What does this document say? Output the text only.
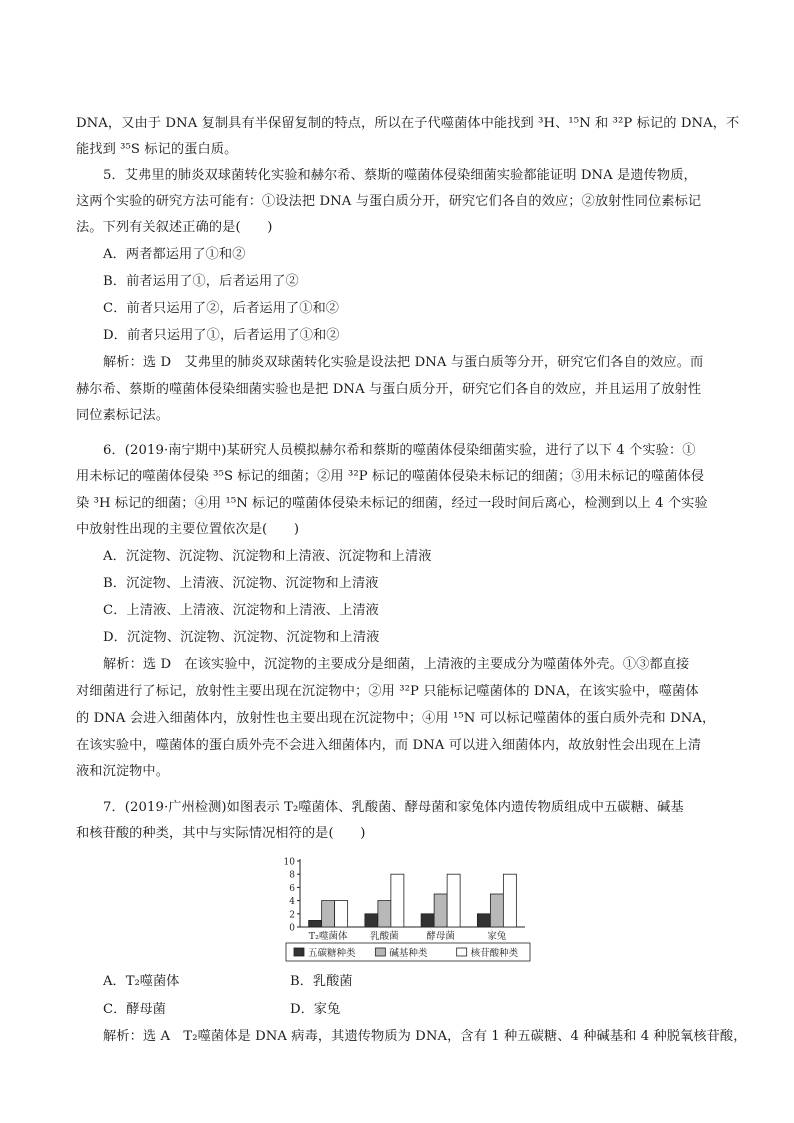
DNA，又由于 DNA 复制具有半保留复制的特点，所以在子代噬菌体中能找到 ³H、¹⁵N 和 ³²P 标记的 DNA，不
能找到 ³⁵S 标记的蛋白质。
5．艾弗里的肺炎双球菌转化实验和赫尔希、蔡斯的噬菌体侵染细菌实验都能证明 DNA 是遗传物质，
这两个实验的研究方法可能有：①设法把 DNA 与蛋白质分开，研究它们各自的效应；②放射性同位素标记
法。下列有关叙述正确的是(　　)
A．两者都运用了①和②
B．前者运用了①，后者运用了②
C．前者只运用了②，后者运用了①和②
D．前者只运用了①，后者运用了①和②
解析：选 D　艾弗里的肺炎双球菌转化实验是设法把 DNA 与蛋白质等分开，研究它们各自的效应。而
赫尔希、蔡斯的噬菌体侵染细菌实验也是把 DNA 与蛋白质分开，研究它们各自的效应，并且运用了放射性
同位素标记法。
6．(2019·南宁期中)某研究人员模拟赫尔希和蔡斯的噬菌体侵染细菌实验，进行了以下 4 个实验：①
用未标记的噬菌体侵染 ³⁵S 标记的细菌；②用 ³²P 标记的噬菌体侵染未标记的细菌；③用未标记的噬菌体侵
染 ³H 标记的细菌；④用 ¹⁵N 标记的噬菌体侵染未标记的细菌，经过一段时间后离心，检测到以上 4 个实验
中放射性出现的主要位置依次是(　　)
A．沉淀物、沉淀物、沉淀物和上清液、沉淀物和上清液
B．沉淀物、上清液、沉淀物、沉淀物和上清液
C．上清液、上清液、沉淀物和上清液、上清液
D．沉淀物、沉淀物、沉淀物、沉淀物和上清液
解析：选 D　在该实验中，沉淀物的主要成分是细菌，上清液的主要成分为噬菌体外壳。①③都直接
对细菌进行了标记，放射性主要出现在沉淀物中；②用 ³²P 只能标记噬菌体的 DNA，在该实验中，噬菌体
的 DNA 会进入细菌体内，放射性也主要出现在沉淀物中；④用 ¹⁵N 可以标记噬菌体的蛋白质外壳和 DNA，
在该实验中，噬菌体的蛋白质外壳不会进入细菌体内，而 DNA 可以进入细菌体内，故放射性会出现在上清
液和沉淀物中。
7．(2019·广州检测)如图表示 T₂噬菌体、乳酸菌、酵母菌和家兔体内遗传物质组成中五碳糖、碱基
和核苷酸的种类，其中与实际情况相符的是(　　)
0
2
4
6
8
10
T₂噬菌体 乳酸菌	酵母菌	家兔
五碳糖种类	碱基种类	核苷酸种类
A．T₂噬菌体	B．乳酸菌
C．酵母菌	D．家兔
解析：选 A　T₂噬菌体是 DNA 病毒，其遗传物质为 DNA，含有 1 种五碳糖、4 种碱基和 4 种脱氧核苷酸，
